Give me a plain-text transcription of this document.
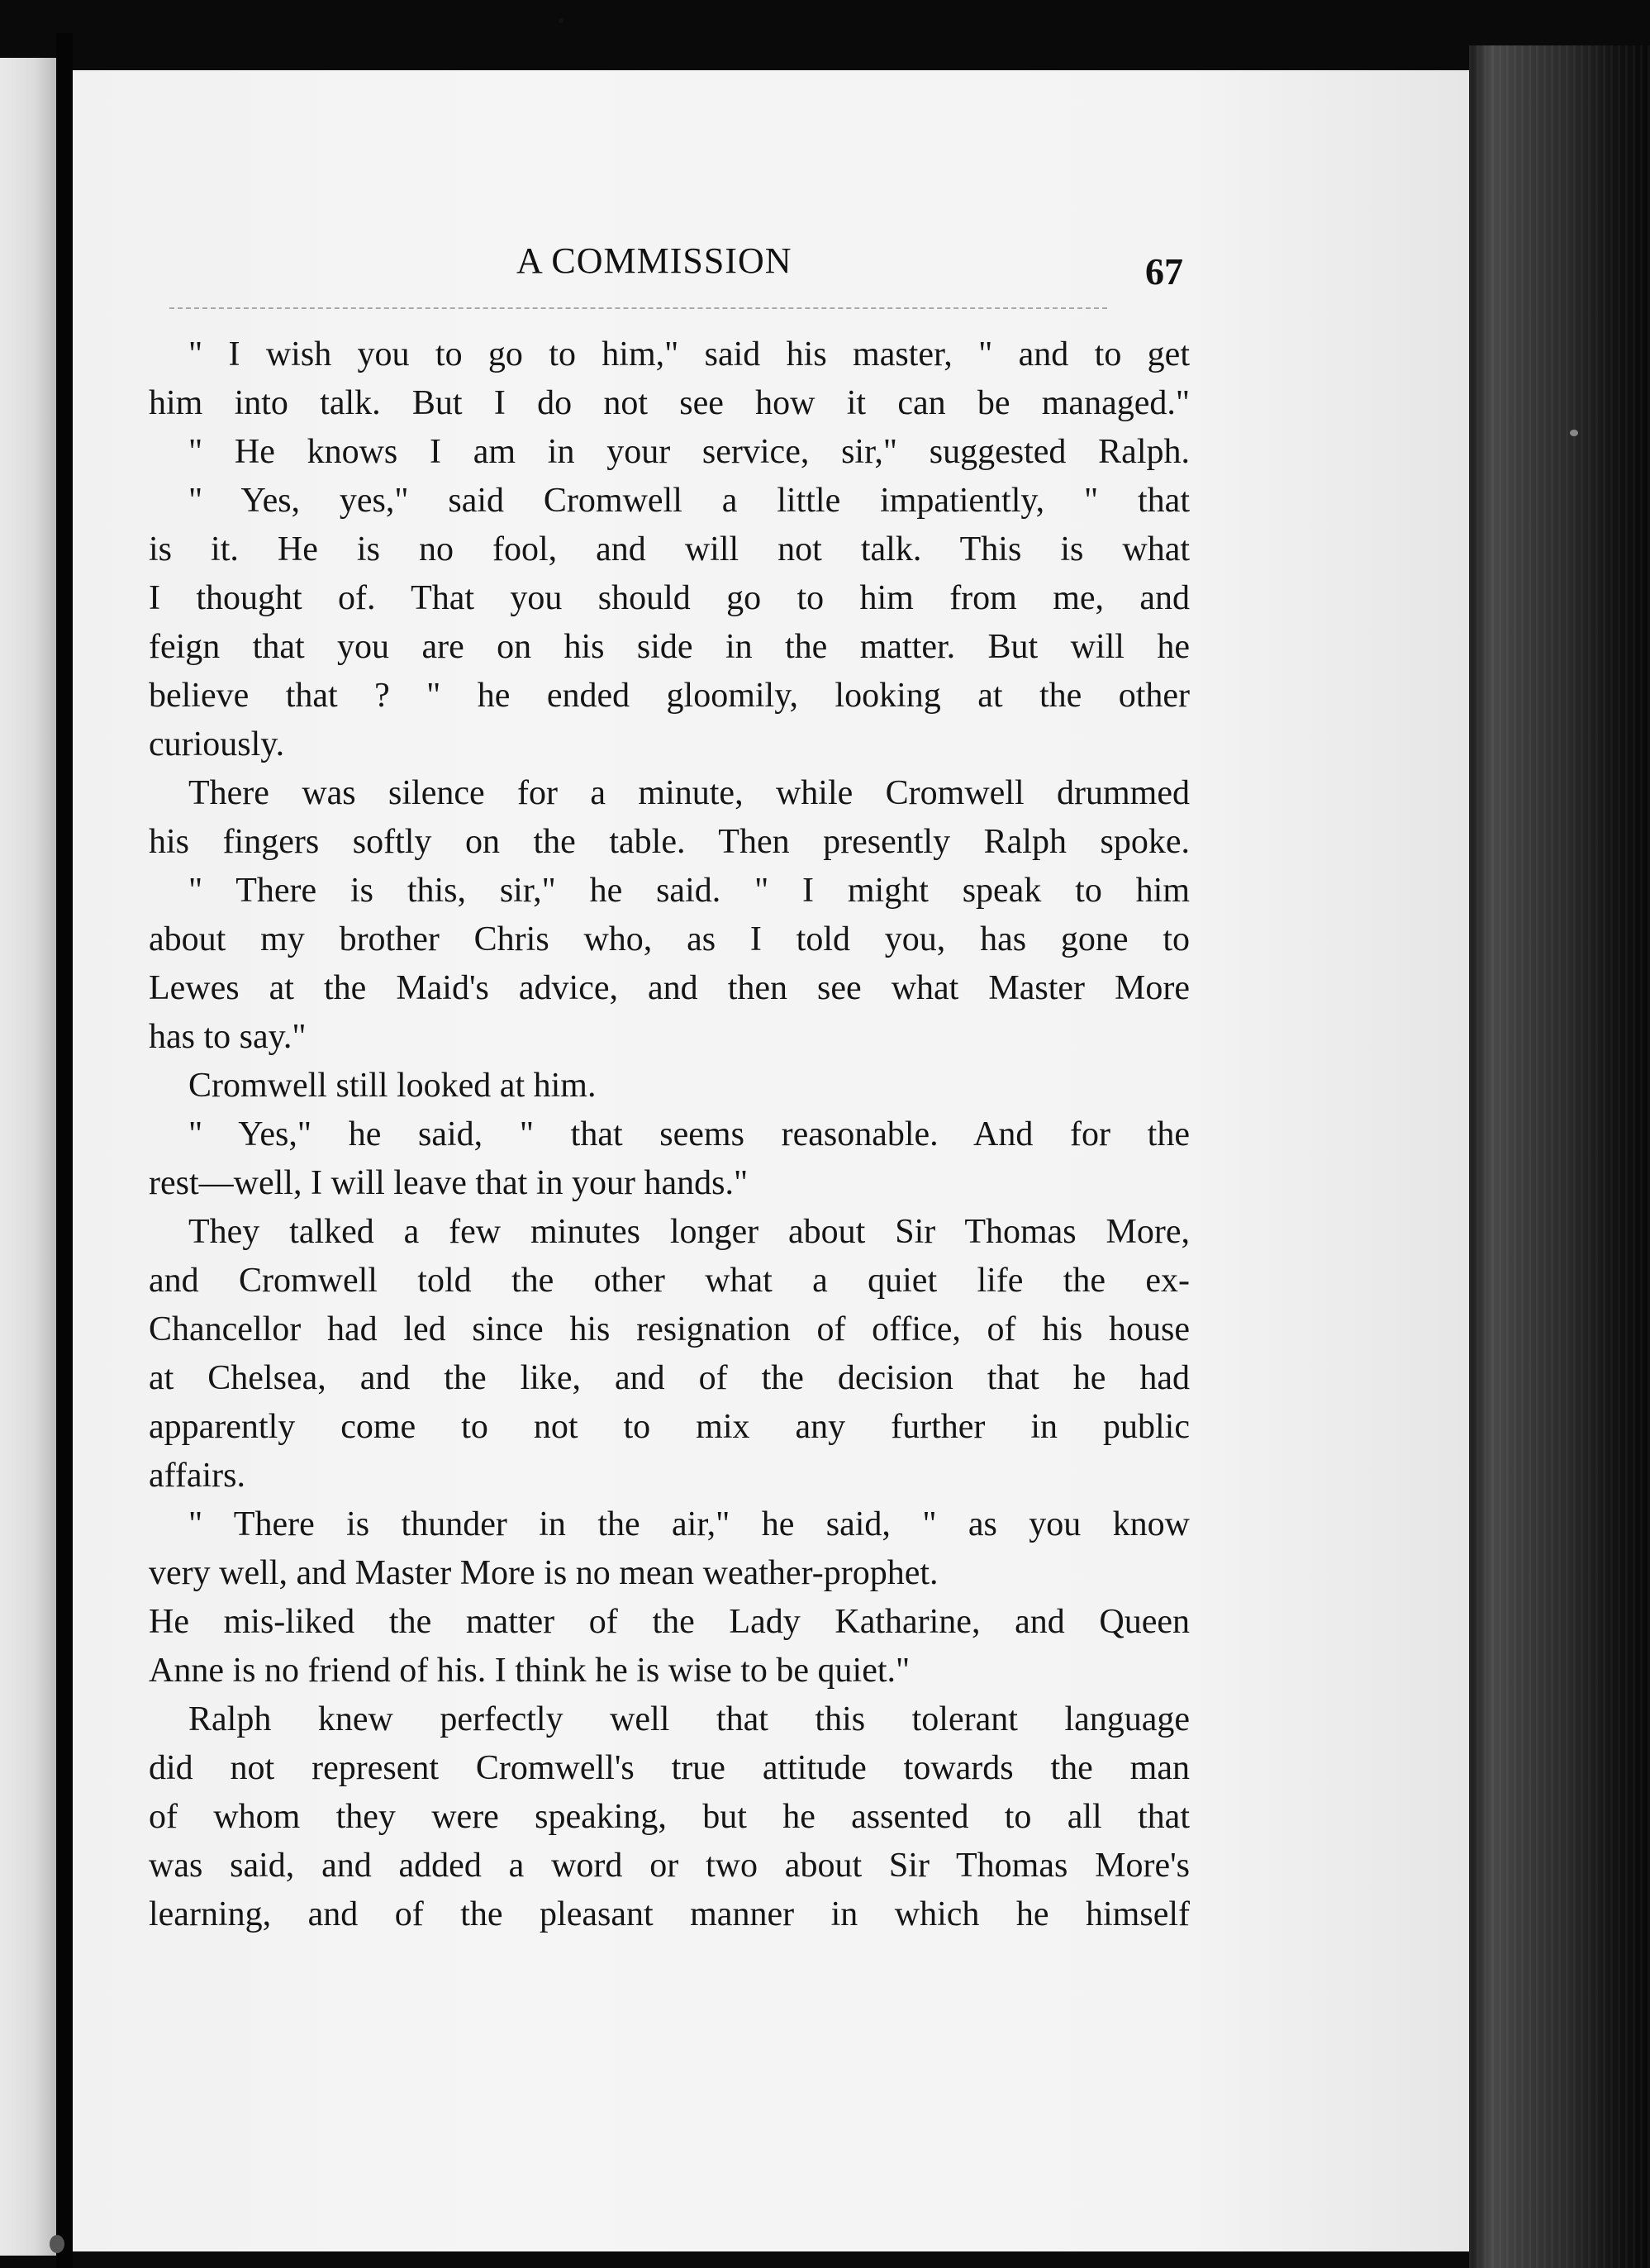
A COMMISSION	67
" I wish you to go to him," said his master, " and to get
him into talk. But I do not see how it can be managed."
" He knows I am in your service, sir," suggested Ralph.
" Yes, yes," said Cromwell a little impatiently, " that
is it. He is no fool, and will not talk. This is what
I thought of. That you should go to him from me, and
feign that you are on his side in the matter. But will he
believe that ? " he ended gloomily, looking at the other
curiously.
There was silence for a minute, while Cromwell drummed
his fingers softly on the table. Then presently Ralph spoke.
" There is this, sir," he said. " I might speak to him
about my brother Chris who, as I told you, has gone to
Lewes at the Maid's advice, and then see what Master More
has to say."
Cromwell still looked at him.
" Yes," he said, " that seems reasonable. And for the
rest—well, I will leave that in your hands."
They talked a few minutes longer about Sir Thomas More,
and Cromwell told the other what a quiet life the ex-
Chancellor had led since his resignation of office, of his house
at Chelsea, and the like, and of the decision that he had
apparently come to not to mix any further in public
affairs.
" There is thunder in the air," he said, " as you know
very well, and Master More is no mean weather-prophet.
He mis-liked the matter of the Lady Katharine, and Queen
Anne is no friend of his. I think he is wise to be quiet."
Ralph knew perfectly well that this tolerant language
did not represent Cromwell's true attitude towards the man
of whom they were speaking, but he assented to all that
was said, and added a word or two about Sir Thomas More's
learning, and of the pleasant manner in which he himself
